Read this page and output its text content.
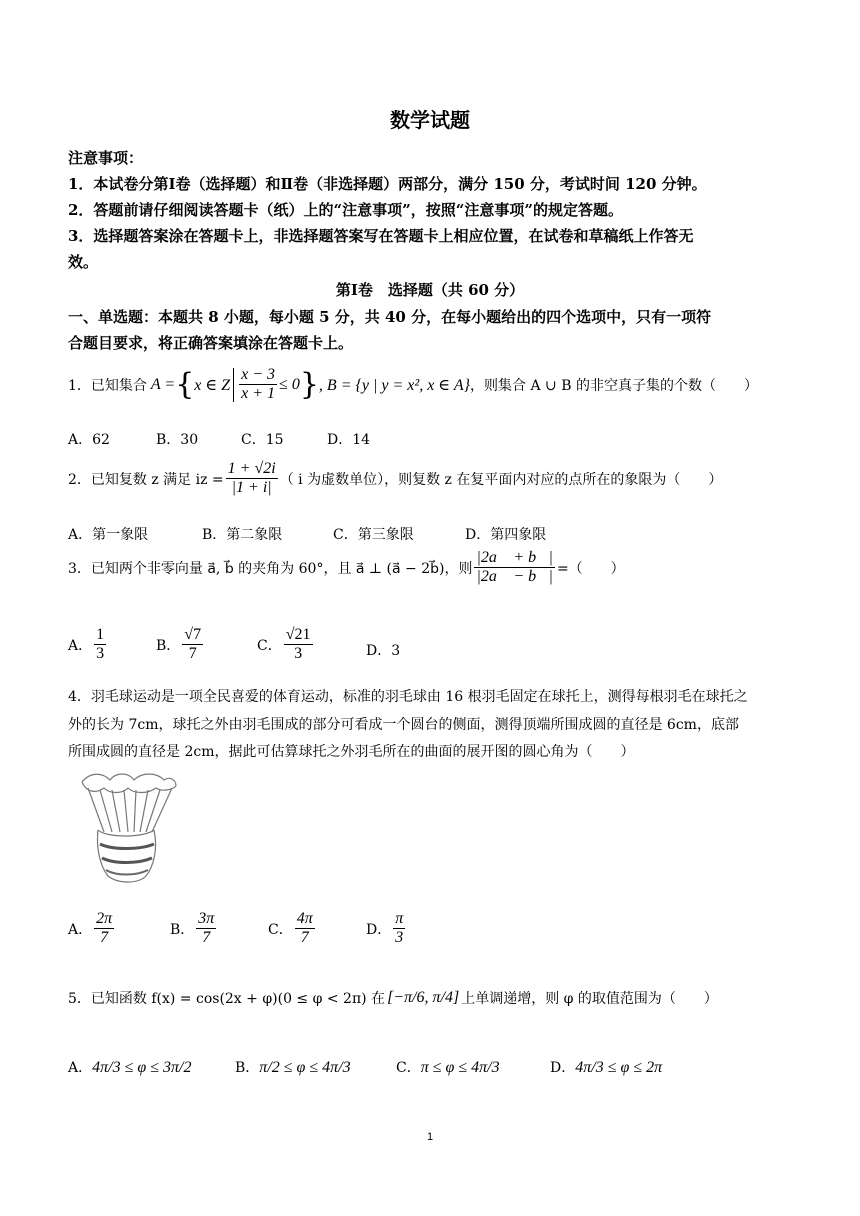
数学试题
注意事项：
1．本试卷分第Ⅰ卷（选择题）和Ⅱ卷（非选择题）两部分，满分 150 分，考试时间 120 分钟。
2．答题前请仔细阅读答题卡（纸）上的“注意事项”，按照“注意事项”的规定答题。
3．选择题答案涂在答题卡上，非选择题答案写在答题卡上相应位置，在试卷和草稿纸上作答无
效。
第Ⅰ卷　选择题（共 60 分）
一、单选题：本题共 8 小题，每小题 5 分，共 40 分，在每小题给出的四个选项中，只有一项符
合题目要求，将正确答案填涂在答题卡上。
1．已知集合 A = { x ∈ Z $\frac{x - 3}{x + 1} \le 0$ } , B = {y | y = x², x ∈ A} ，则集合 A ∪ B 的非空真子集的个数（　　）
A．62	B．30	C．15	D．14
2．已知复数 z 满足 iz = $\frac{1 + √2i}{|1 + i|}$ （ i 为虚数单位），则复数 z 在复平面内对应的点所在的象限为（　　）
A．第一象限	B．第二象限	C．第三象限	D．第四象限
3．已知两个非零向量 a⃗, b⃗ 的夹角为 60°，且 a⃗ ⊥ (a⃗ − 2b⃗)，则 $\frac{|2a⃗ + b⃗|}{|2a⃗ - b⃗|}$ =（　　）
A． $\frac{1}{3}$	B． $\frac{√7}{7}$	C． $\frac{√21}{3}$	D．3
4．羽毛球运动是一项全民喜爱的体育运动，标准的羽毛球由 16 根羽毛固定在球托上，测得每根羽毛在球托之
外的长为 7cm，球托之外由羽毛围成的部分可看成一个圆台的侧面，测得顶端所围成圆的直径是 6cm，底部
所围成圆的直径是 2cm，据此可估算球托之外羽毛所在的曲面的展开图的圆心角为（　　）
A． $\frac{2\pi}{7}$	B． $\frac{3\pi}{7}$	C． $\frac{4\pi}{7}$	D． $\frac{\pi}{3}$
5．已知函数 f(x) = cos(2x + φ)(0 ≤ φ < 2π) 在 [−π/6, π/4] 上单调递增，则 φ 的取值范围为（　　）
A．4π/3 ≤ φ ≤ 3π/2	B．π/2 ≤ φ ≤ 4π/3	C．π ≤ φ ≤ 4π/3	D．4π/3 ≤ φ ≤ 2π
1
